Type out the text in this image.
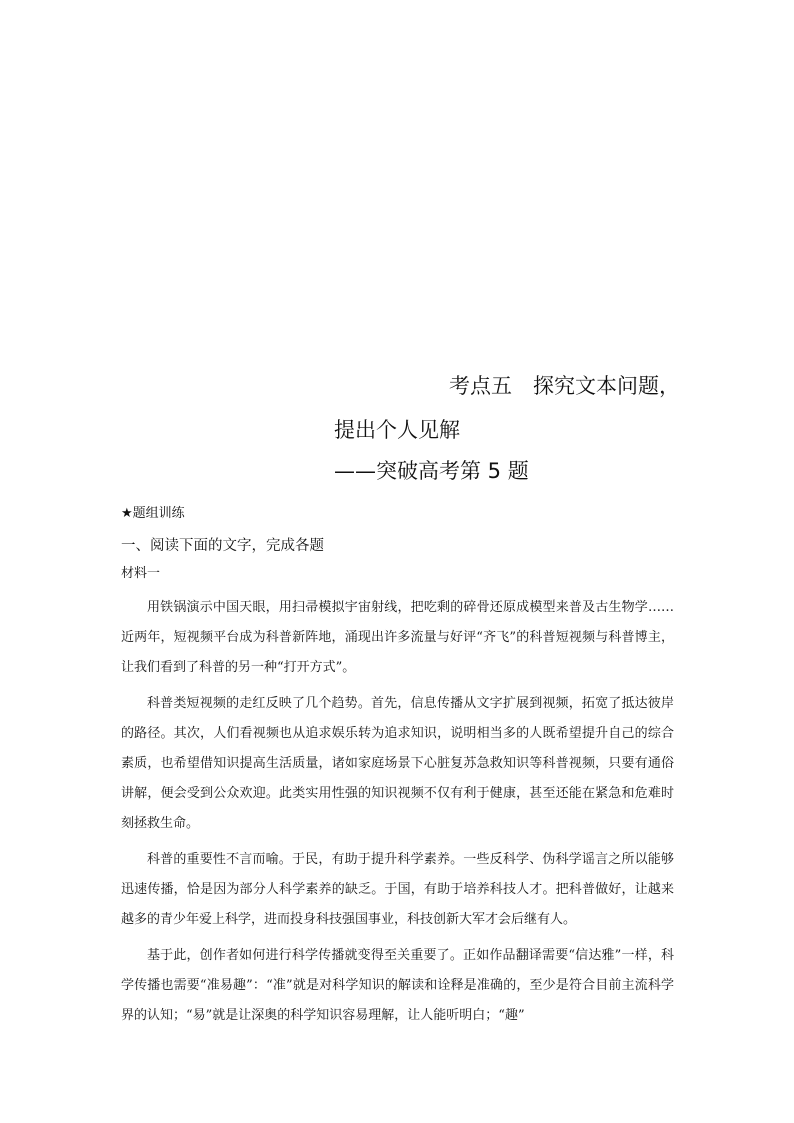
考点五　探究文本问题，
提出个人见解
——突破高考第 5 题
★题组训练
一、阅读下面的文字，完成各题
材料一

用铁锅演示中国天眼，用扫帚模拟宇宙射线，把吃剩的碎骨还原成模型来普及古生物学……近两年，短视频平台成为科普新阵地，涌现出许多流量与好评“齐飞”的科普短视频与科普博主，让我们看到了科普的另一种“打开方式”。

科普类短视频的走红反映了几个趋势。首先，信息传播从文字扩展到视频，拓宽了抵达彼岸的路径。其次，人们看视频也从追求娱乐转为追求知识，说明相当多的人既希望提升自己的综合素质，也希望借知识提高生活质量，诸如家庭场景下心脏复苏急救知识等科普视频，只要有通俗讲解，便会受到公众欢迎。此类实用性强的知识视频不仅有利于健康，甚至还能在紧急和危难时刻拯救生命。

科普的重要性不言而喻。于民，有助于提升科学素养。一些反科学、伪科学谣言之所以能够迅速传播，恰是因为部分人科学素养的缺乏。于国，有助于培养科技人才。把科普做好，让越来越多的青少年爱上科学，进而投身科技强国事业，科技创新大军才会后继有人。

基于此，创作者如何进行科学传播就变得至关重要了。正如作品翻译需要“信达雅”一样，科学传播也需要“准易趣”：“准”就是对科学知识的解读和诠释是准确的，至少是符合目前主流科学界的认知；“易”就是让深奥的科学知识容易理解，让人能听明白；“趣”
